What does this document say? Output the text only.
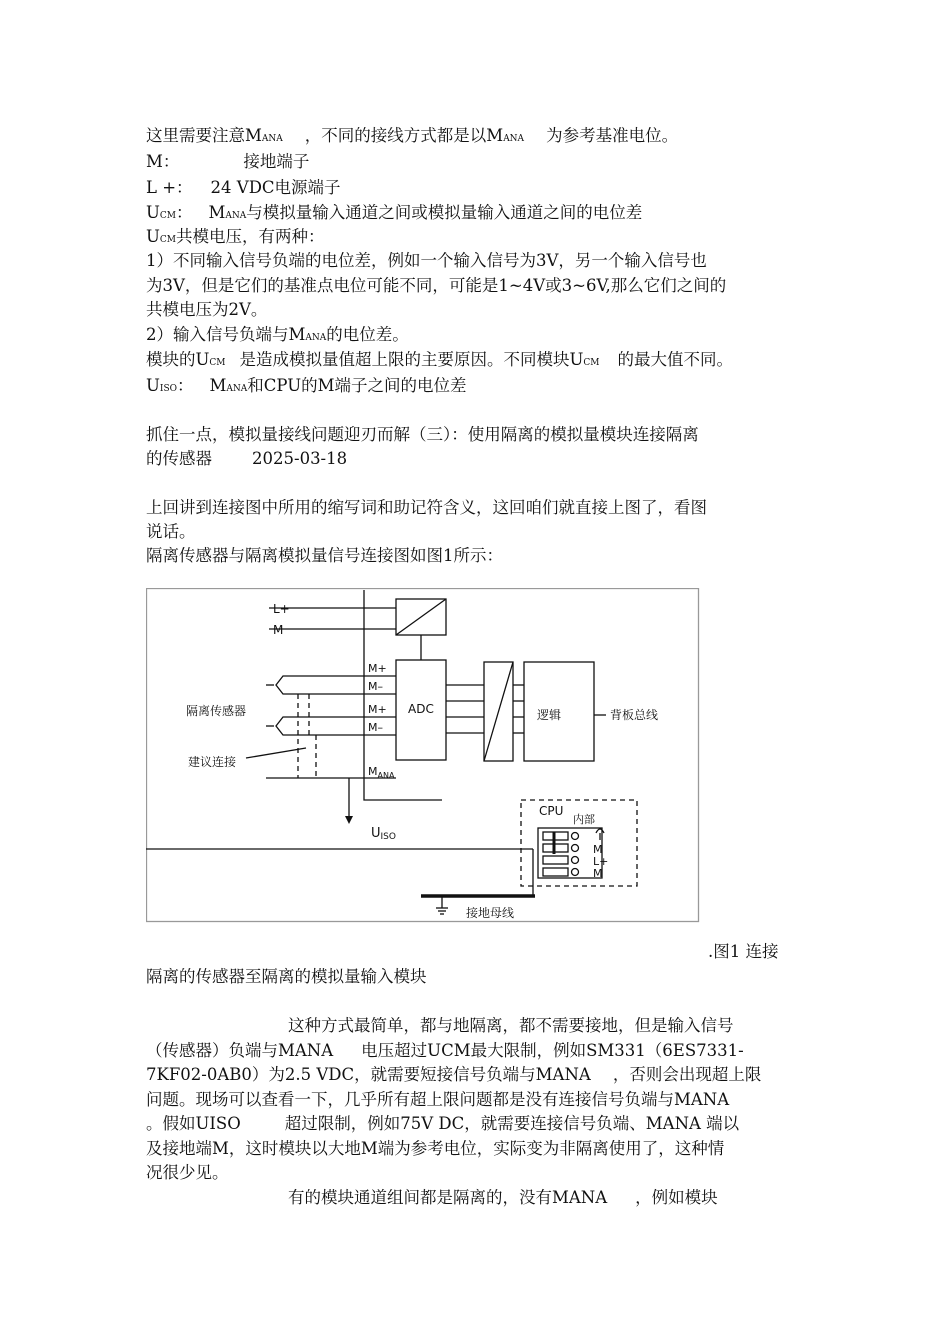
这里需要注意MANA ，不同的接线方式都是以MANA 为参考基准电位。
M：	接地端子
L +： 24 VDC电源端子
UCM： MANA与模拟量输入通道之间或模拟量输入通道之间的电位差
UCM共模电压，有两种：
1）不同输入信号负端的电位差，例如一个输入信号为3V，另一个输入信号也
为3V，但是它们的基准点电位可能不同，可能是1~4V或3~6V,那么它们之间的
共模电压为2V。
2）输入信号负端与MANA的电位差。
模块的UCM 是造成模拟量值超上限的主要原因。不同模块UCM 的最大值不同。
UISO： MANA和CPU的M端子之间的电位差
抓住一点，模拟量接线问题迎刃而解（三）：使用隔离的模拟量模块连接隔离
的传感器 2025-03-18
上回讲到连接图中所用的缩写词和助记符含义，这回咱们就直接上图了，看图
说话。
隔离传感器与隔离模拟量信号连接图如图1所示：
L+
M
M+
M–
M+
M–
$M_{ANA}$
ADC	逻辑	背板总线
隔离传感器
建议连接
UISO
CPU
内部
M
L+
M
接地母线
.图1 连接
隔离的传感器至隔离的模拟量输入模块
这种方式最简单，都与地隔离，都不需要接地，但是输入信号
（传感器）负端与MANA 电压超过UCM最大限制，例如SM331（6ES7331-
7KF02-0AB0）为2.5 VDC，就需要短接信号负端与MANA ，否则会出现超上限
问题。现场可以查看一下，几乎所有超上限问题都是没有连接信号负端与MANA
。假如UISO	超过限制，例如75V DC，就需要连接信号负端、MANA 端以
及接地端M，这时模块以大地M端为参考电位，实际变为非隔离使用了，这种情
况很少见。
有的模块通道组间都是隔离的，没有MANA ，例如模块
